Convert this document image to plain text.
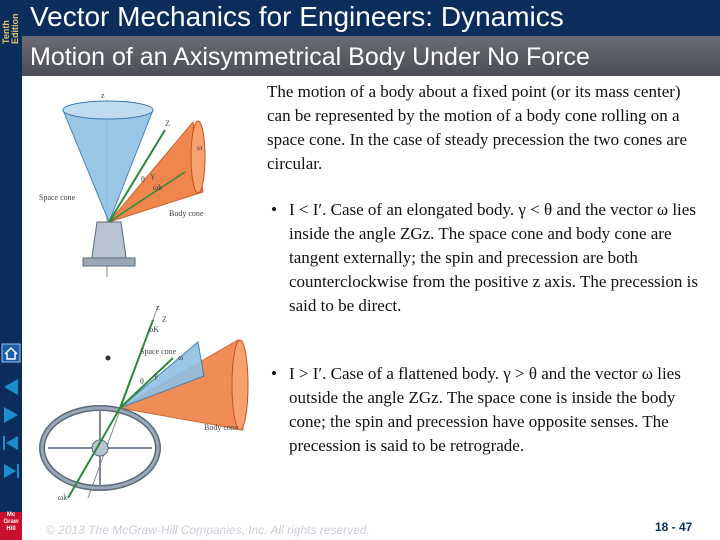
Tenth Edition
Mc
Graw
Hill
Vector Mechanics for Engineers: Dynamics
Motion of an Axisymmetrical Body Under No Force
z
Z
ω
θ γ
ωk
Space cone
Body cone
z
Z
ωK
Space cone
θ
γ
ω
Body cone
ωk
The motion of a body about a fixed point (or its mass center) can be represented by the motion of a body cone rolling on a space cone. In the case of steady precession the two cones are circular.
• I < I′. Case of an elongated body. γ < θ and the vector ω lies inside the angle ZGz. The space cone and body cone are tangent externally; the spin and precession are both counterclockwise from the positive z axis. The precession is said to be direct.
• I > I′. Case of a flattened body. γ > θ and the vector ω lies outside the angle ZGz. The space cone is inside the body cone; the spin and precession have opposite senses. The precession is said to be retrograde.
© 2013 The McGraw-Hill Companies, Inc. All rights reserved.	18 - 47
